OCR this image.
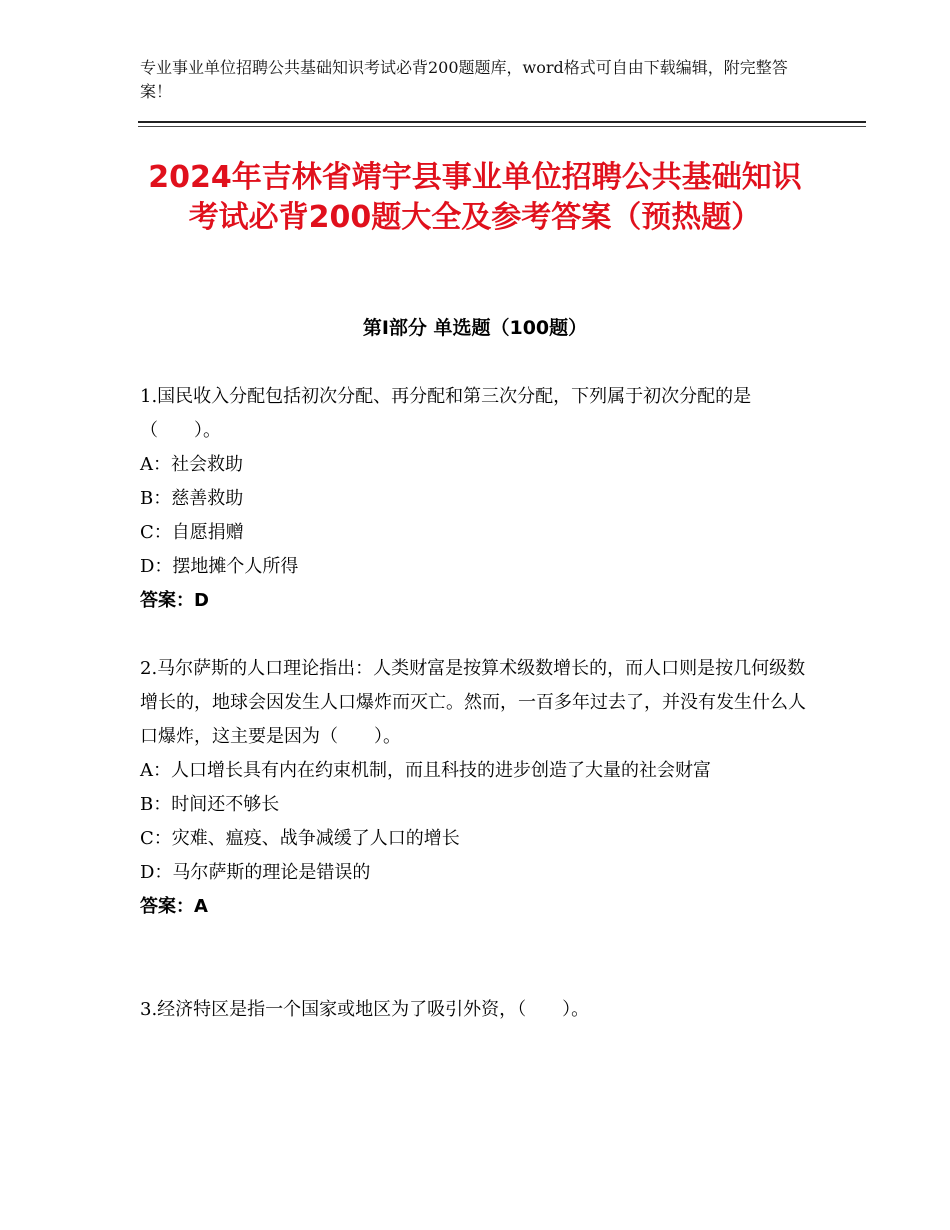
专业事业单位招聘公共基础知识考试必背200题题库，word格式可自由下载编辑，附完整答案！
2024年吉林省靖宇县事业单位招聘公共基础知识考试必背200题大全及参考答案（预热题）
第Ⅰ部分 单选题（100题）

1.国民收入分配包括初次分配、再分配和第三次分配，下列属于初次分配的是（　　）。

A：社会救助

B：慈善救助

C：自愿捐赠

D：摆地摊个人所得

答案：D

2.马尔萨斯的人口理论指出：人类财富是按算术级数增长的，而人口则是按几何级数增长的，地球会因发生人口爆炸而灭亡。然而，一百多年过去了，并没有发生什么人口爆炸，这主要是因为（　　）。

A：人口增长具有内在约束机制，而且科技的进步创造了大量的社会财富

B：时间还不够长

C：灾难、瘟疫、战争减缓了人口的增长

D：马尔萨斯的理论是错误的

答案：A

3.经济特区是指一个国家或地区为了吸引外资，（　　）。
